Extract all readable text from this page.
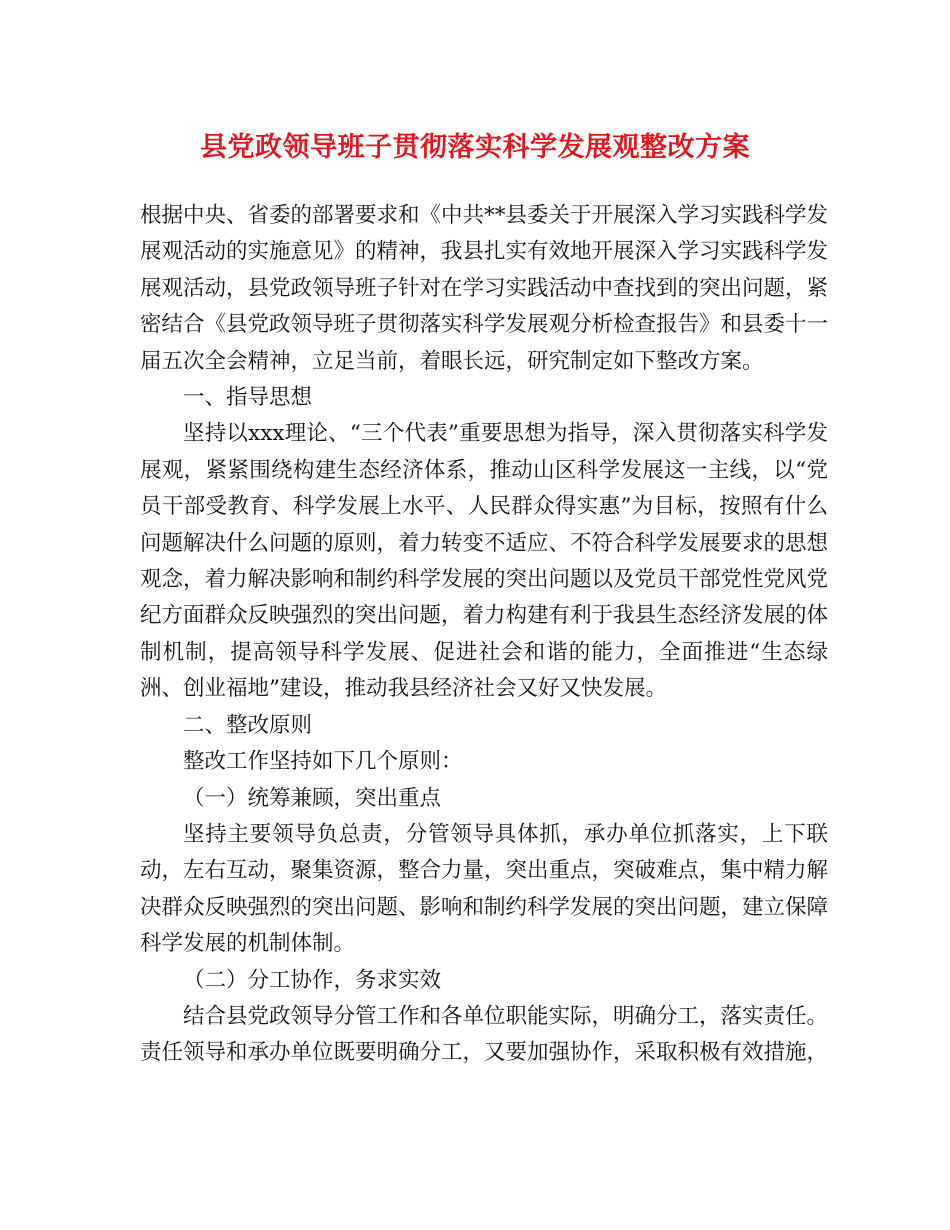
县党政领导班子贯彻落实科学发展观整改方案

根据中央、省委的部署要求和《中共**县委关于开展深入学习实践科学发展观活动的实施意见》的精神，我县扎实有效地开展深入学习实践科学发展观活动，县党政领导班子针对在学习实践活动中查找到的突出问题，紧密结合《县党政领导班子贯彻落实科学发展观分析检查报告》和县委十一届五次全会精神，立足当前，着眼长远，研究制定如下整改方案。

一、指导思想

坚持以xxx理论、“三个代表”重要思想为指导，深入贯彻落实科学发展观，紧紧围绕构建生态经济体系，推动山区科学发展这一主线，以“党员干部受教育、科学发展上水平、人民群众得实惠”为目标，按照有什么问题解决什么问题的原则，着力转变不适应、不符合科学发展要求的思想观念，着力解决影响和制约科学发展的突出问题以及党员干部党性党风党纪方面群众反映强烈的突出问题，着力构建有利于我县生态经济发展的体制机制，提高领导科学发展、促进社会和谐的能力，全面推进“生态绿洲、创业福地”建设，推动我县经济社会又好又快发展。

二、整改原则

整改工作坚持如下几个原则：

（一）统筹兼顾，突出重点

坚持主要领导负总责，分管领导具体抓，承办单位抓落实，上下联动，左右互动，聚集资源，整合力量，突出重点，突破难点，集中精力解决群众反映强烈的突出问题、影响和制约科学发展的突出问题，建立保障科学发展的机制体制。

（二）分工协作，务求实效

结合县党政领导分管工作和各单位职能实际，明确分工，落实责任。责任领导和承办单位既要明确分工，又要加强协作，采取积极有效措施，
